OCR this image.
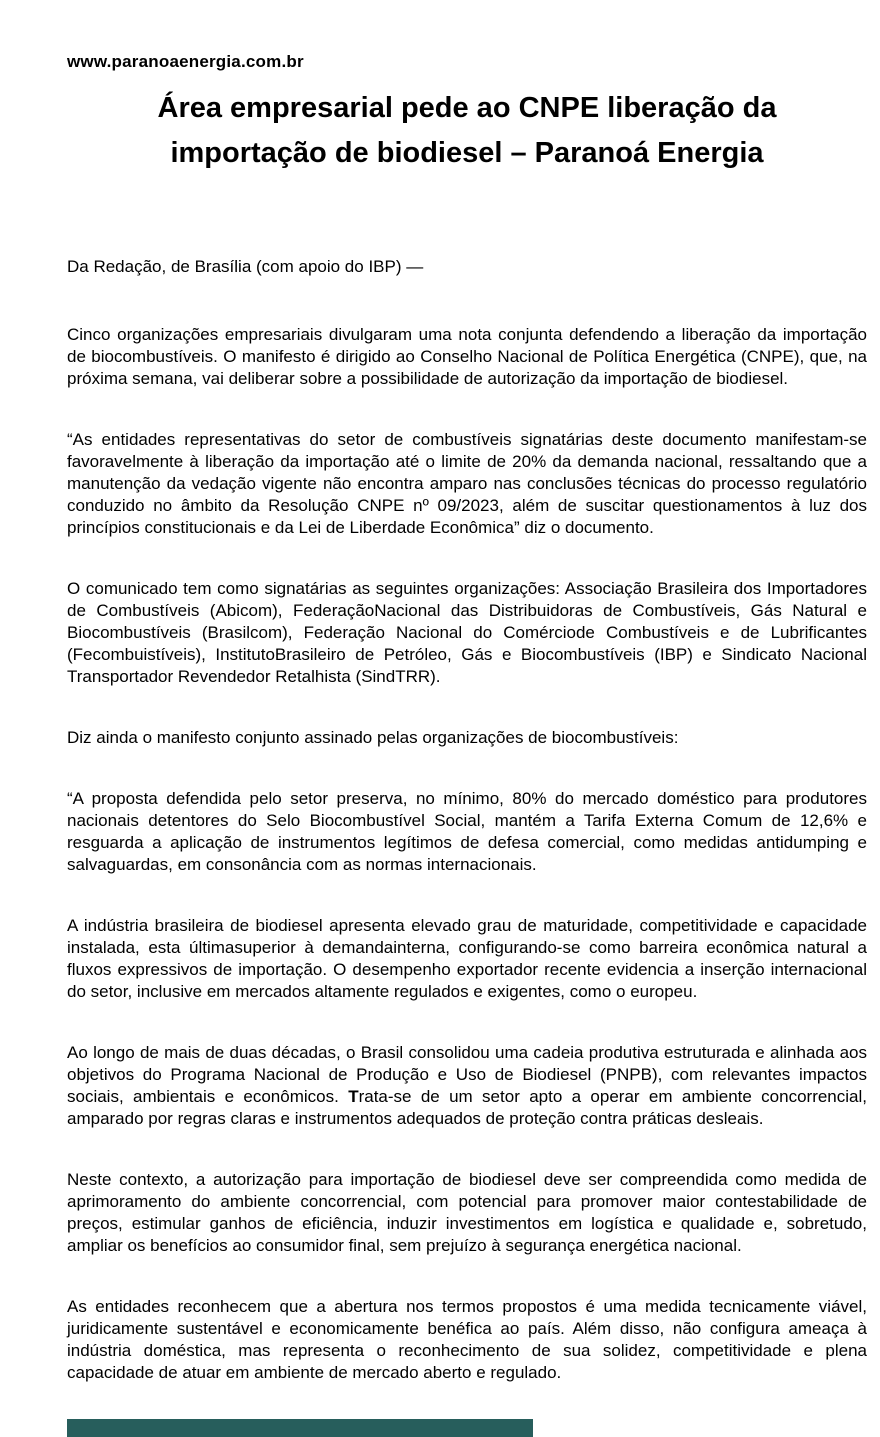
www.paranoaenergia.com.br
Área empresarial pede ao CNPE liberação da importação de biodiesel – Paranoá Energia
Da Redação, de Brasília (com apoio do IBP) —

Cinco organizações empresariais divulgaram uma nota conjunta defendendo a liberação da importação de biocombustíveis. O manifesto é dirigido ao Conselho Nacional de Política Energética (CNPE), que, na próxima semana, vai deliberar sobre a possibilidade de autorização da importação de biodiesel.

“As entidades representativas do setor de combustíveis signatárias deste documento manifestam-se favoravelmente à liberação da importação até o limite de 20% da demanda nacional, ressaltando que a manutenção da vedação vigente não encontra amparo nas conclusões técnicas do processo regulatório conduzido no âmbito da Resolução CNPE nº 09/2023, além de suscitar questionamentos à luz dos princípios constitucionais e da Lei de Liberdade Econômica” diz o documento.

O comunicado tem como signatárias as seguintes organizações: Associação Brasileira dos Importadores de Combustíveis (Abicom), FederaçãoNacional das Distribuidoras de Combustíveis, Gás Natural e Biocombustíveis (Brasilcom), Federação Nacional do Comérciode Combustíveis e de Lubrificantes (Fecombuistíveis), InstitutoBrasileiro de Petróleo, Gás e Biocombustíveis (IBP) e Sindicato Nacional Transportador Revendedor Retalhista (SindTRR).

Diz ainda o manifesto conjunto assinado pelas organizações de biocombustíveis:

“A proposta defendida pelo setor preserva, no mínimo, 80% do mercado doméstico para produtores nacionais detentores do Selo Biocombustível Social, mantém a Tarifa Externa Comum de 12,6% e resguarda a aplicação de instrumentos legítimos de defesa comercial, como medidas antidumping e salvaguardas, em consonância com as normas internacionais.

A indústria brasileira de biodiesel apresenta elevado grau de maturidade, competitividade e capacidade instalada, esta últimasuperior à demandainterna, configurando-se como barreira econômica natural a fluxos expressivos de importação. O desempenho exportador recente evidencia a inserção internacional do setor, inclusive em mercados altamente regulados e exigentes, como o europeu.

Ao longo de mais de duas décadas, o Brasil consolidou uma cadeia produtiva estruturada e alinhada aos objetivos do Programa Nacional de Produção e Uso de Biodiesel (PNPB), com relevantes impactos sociais, ambientais e econômicos. Trata-se de um setor apto a operar em ambiente concorrencial, amparado por regras claras e instrumentos adequados de proteção contra práticas desleais.

Neste contexto, a autorização para importação de biodiesel deve ser compreendida como medida de aprimoramento do ambiente concorrencial, com potencial para promover maior contestabilidade de preços, estimular ganhos de eficiência, induzir investimentos em logística e qualidade e, sobretudo, ampliar os benefícios ao consumidor final, sem prejuízo à segurança energética nacional.

As entidades reconhecem que a abertura nos termos propostos é uma medida tecnicamente viável, juridicamente sustentável e economicamente benéfica ao país. Além disso, não configura ameaça à indústria doméstica, mas representa o reconhecimento de sua solidez, competitividade e plena capacidade de atuar em ambiente de mercado aberto e regulado.
